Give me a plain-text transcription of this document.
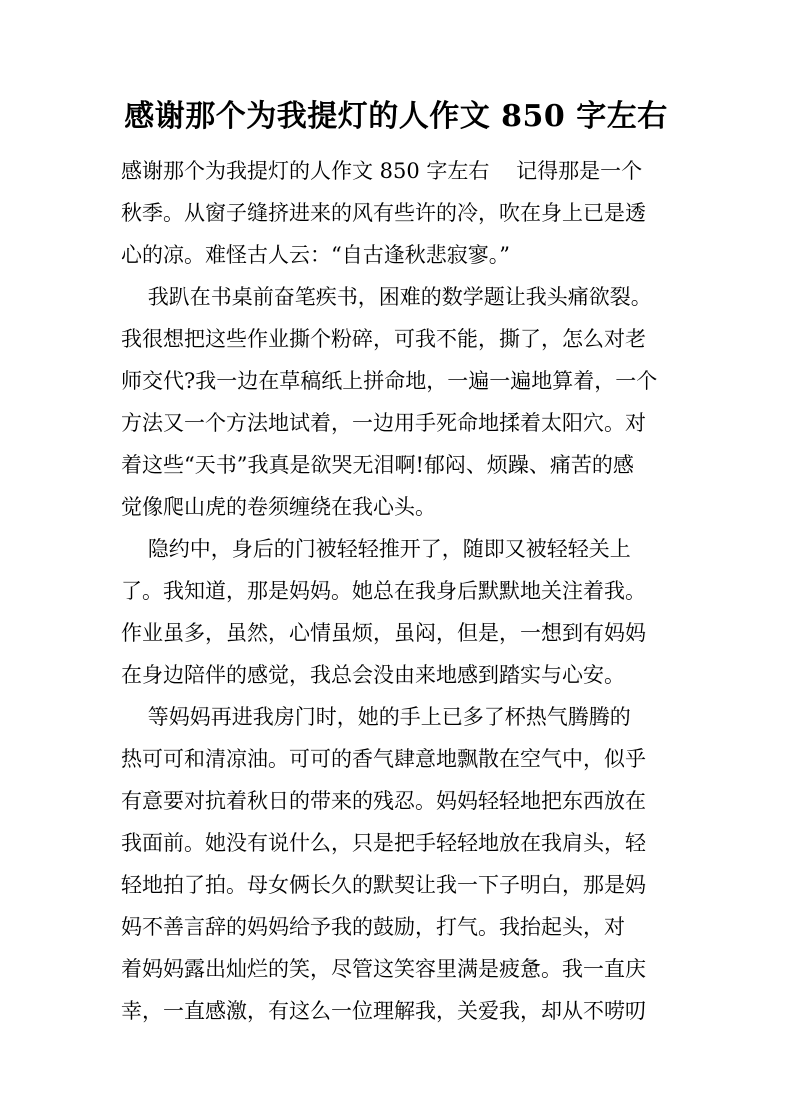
感谢那个为我提灯的人作文 850 字左右

感谢那个为我提灯的人作文 850 字左右    记得那是一个

秋季。从窗子缝挤进来的风有些许的冷，吹在身上已是透

心的凉。难怪古人云：“自古逢秋悲寂寥。”

我趴在书桌前奋笔疾书，困难的数学题让我头痛欲裂。

我很想把这些作业撕个粉碎，可我不能，撕了，怎么对老

师交代?我一边在草稿纸上拼命地，一遍一遍地算着，一个

方法又一个方法地试着，一边用手死命地揉着太阳穴。对

着这些“天书”我真是欲哭无泪啊!郁闷、烦躁、痛苦的感

觉像爬山虎的卷须缠绕在我心头。

隐约中，身后的门被轻轻推开了，随即又被轻轻关上

了。我知道，那是妈妈。她总在我身后默默地关注着我。

作业虽多，虽然，心情虽烦，虽闷，但是，一想到有妈妈

在身边陪伴的感觉，我总会没由来地感到踏实与心安。

等妈妈再进我房门时，她的手上已多了杯热气腾腾的

热可可和清凉油。可可的香气肆意地飘散在空气中，似乎

有意要对抗着秋日的带来的残忍。妈妈轻轻地把东西放在

我面前。她没有说什么，只是把手轻轻地放在我肩头，轻

轻地拍了拍。母女俩长久的默契让我一下子明白，那是妈

妈不善言辞的妈妈给予我的鼓励，打气。我抬起头，对

着妈妈露出灿烂的笑，尽管这笑容里满是疲惫。我一直庆

幸，一直感激，有这么一位理解我，关爱我，却从不唠叨
